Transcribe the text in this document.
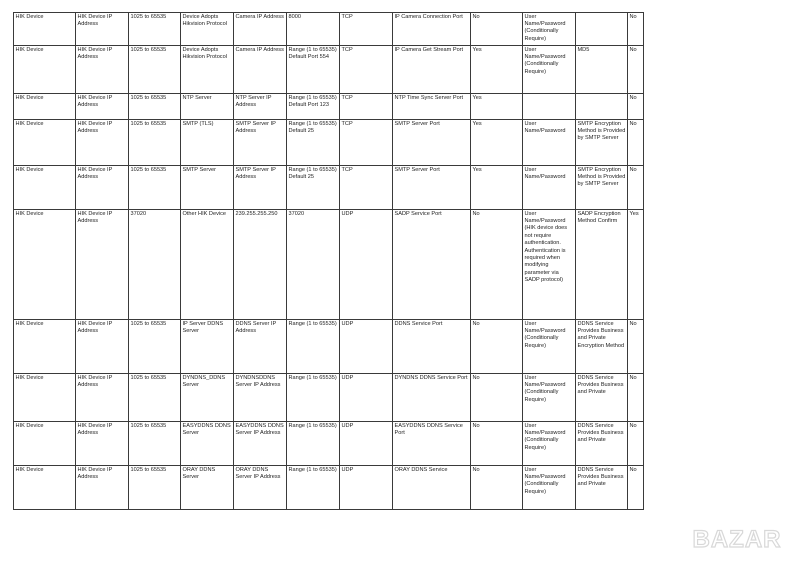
HIK Device	HIK Device IP Address	1025 to 65535	Device Adopts Hikvision Protocol	Camera IP Address	8000	TCP	IP Camera Connection Port	No	User Name/Password (Conditionally Require)		No
HIK Device	HIK Device IP Address	1025 to 65535	Device Adopts Hikvision Protocol	Camera IP Address	Range (1 to 65535) Default Port 554	TCP	IP Camera Get Stream Port	Yes	User Name/Password (Conditionally Require)	MD5	No
HIK Device	HIK Device IP Address	1025 to 65535	NTP Server	NTP Server IP Address	Range (1 to 65535) Default Port 123	TCP	NTP Time Sync Server Port	Yes			No
HIK Device	HIK Device IP Address	1025 to 65535	SMTP (TLS)	SMTP Server IP Address	Range (1 to 65535) Default 25	TCP	SMTP Server Port	Yes	User Name/Password	SMTP Encryption Method is Provided by SMTP Server	No
HIK Device	HIK Device IP Address	1025 to 65535	SMTP Server	SMTP Server IP Address	Range (1 to 65535) Default 25	TCP	SMTP Server Port	Yes	User Name/Password	SMTP Encryption Method is Provided by SMTP Server	No
HIK Device	HIK Device IP Address	37020	Other HIK Device	239.255.255.250	37020	UDP	SADP Service Port	No	User Name/Password (HIK device does not require authentication. Authentication is required when modifying parameter via SADP protocol)	SADP Encryption Method Confirm	Yes
HIK Device	HIK Device IP Address	1025 to 65535	IP Server DDNS Server	DDNS Server IP Address	Range (1 to 65535)	UDP	DDNS Service Port	No	User Name/Password (Conditionally Require)	DDNS Service Provides Business and Private Encryption Method	No
HIK Device	HIK Device IP Address	1025 to 65535	DYNDNS_DDNS Server	DYNDNSDDNS Server IP Address	Range (1 to 65535)	UDP	DYNDNS DDNS Service Port	No	User Name/Password (Conditionally Require)	DDNS Service Provides Business and Private	No
HIK Device	HIK Device IP Address	1025 to 65535	EASYDDNS DDNS Server	EASYDDNS DDNS Server IP Address	Range (1 to 65535)	UDP	EASYDDNS DDNS Service Port	No	User Name/Password (Conditionally Require)	DDNS Service Provides Business and Private	No
HIK Device	HIK Device IP Address	1025 to 65535	ORAY DDNS Server	ORAY DDNS Server IP Address	Range (1 to 65535)	UDP	ORAY DDNS Service	No	User Name/Password (Conditionally Require)	DDNS Service Provides Business and Private	No
BAZAR
